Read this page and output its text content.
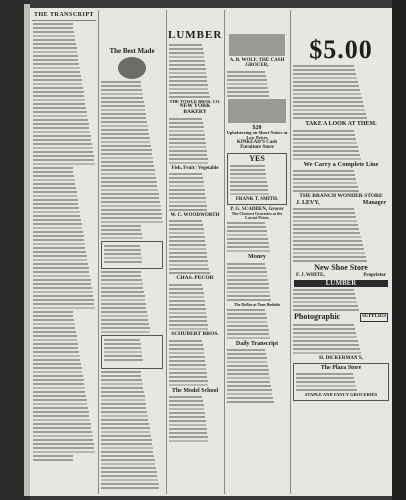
THE TRANSCRIPT
The Best Made
LUMBER
THE TOWLE BROS. CO.
NEW YORK BAKERY
Fish, Fruit | Vegetable
W. C. WOODWORTH
CHAS. PECOR
SCHUBERT BROS.
The Model School
A. B. WOLF, THE CASH GROCER,
$20
Upholstering on Short Notice at Low Prices
KINKEAD'S Cash Furniture Store
YES
FRANK T. SMITH.
P. G. SCADDEN, Grocer
The Choicest Groceries at the Lowest Prices
Money
The Dollar at Your Bedside
Daily Transcript
$5.00
TAKE A LOOK AT THEM.
We Carry a Complete Line
THE BRANCH WONDER STORE
J. LEVY,	Manager
New Shoe Store
F. J. WHITE,	Proprietor
LUMBER
Photographic	SUPPLIES
H. DICKERMAN'S,
The Plaza Store
STAPLE AND FANCY GROCERIES
